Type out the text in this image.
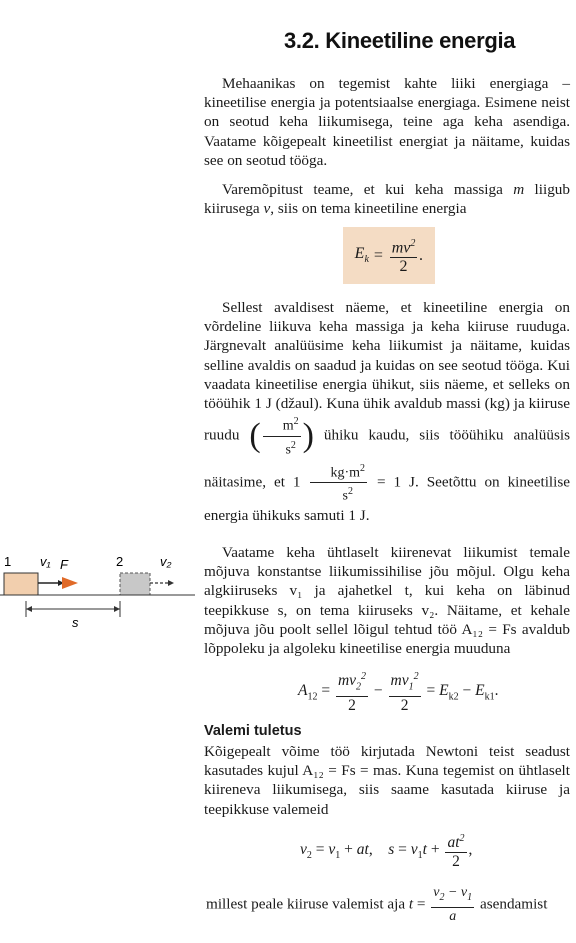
3.2. Kineetiline energia

Mehaanikas on tegemist kahte liiki energiaga – kineetilise energia ja potentsiaalse energiaga. Esimene neist on seotud keha liikumisega, teine aga keha asendiga. Vaatame kõigepealt kineetilist energiat ja näitame, kuidas see on seotud tööga.

Varemõpitust teame, et kui keha massiga m liigub kiirusega v, siis on tema kineetiline energia

$E_k = \frac{mv^2}{2}$ .

Sellest avaldisest näeme, et kineetiline energia on võrdeline liikuva keha massiga ja keha kiiruse ruuduga. Järgnevalt analüüsime keha liikumist ja näitame, kuidas selline avaldis on saadud ja kuidas on see seotud tööga. Kui vaadata kineetilise energia ühikut, siis näeme, et selleks on tööühik 1 J (džaul). Kuna ühik avaldub massi (kg) ja kiiruse ruudu ( $\frac{m^2}{s^2}$ ) ühiku kaudu, siis tööühiku analüüsis näitasime, et $1 \frac{kg\cdot m^2}{s^2} = 1$ J. Seetõttu on kineetilise energia ühikuks samuti 1 J.

Vaatame keha ühtlaselt kiirenevat liikumist temale mõjuva konstantse liikumissihilise jõu mõjul. Olgu keha algkiiruseks v₁ ja ajahetkel t, kui keha on läbinud teepikkuse s, on tema kiiruseks v₂. Näitame, et kehale mõjuva jõu poolt sellel lõigul tehtud töö A₁₂ = Fs avaldub lõppoleku ja algoleku kineetilise energia muuduna

$A_{12} = \frac{mv_2^2}{2} - \frac{mv_1^2}{2} = E_{k2} - E_{k1}$.
Valemi tuletus

Kõigepealt võime töö kirjutada Newtoni teist seadust kasutades kujul A₁₂ = Fs = mas. Kuna tegemist on ühtlaselt kiireneva liikumisega, siis saame kasutada kiiruse ja teepikkuse valemeid

$v_2 = v_1$ + at,    $s = v_1t + \frac{at^2}{2}$ ,

millest peale kiiruse valemist aja $t = \frac{v_2 - v_1}{a}$ asendamist

1	2
v₁ F	v₂
s
